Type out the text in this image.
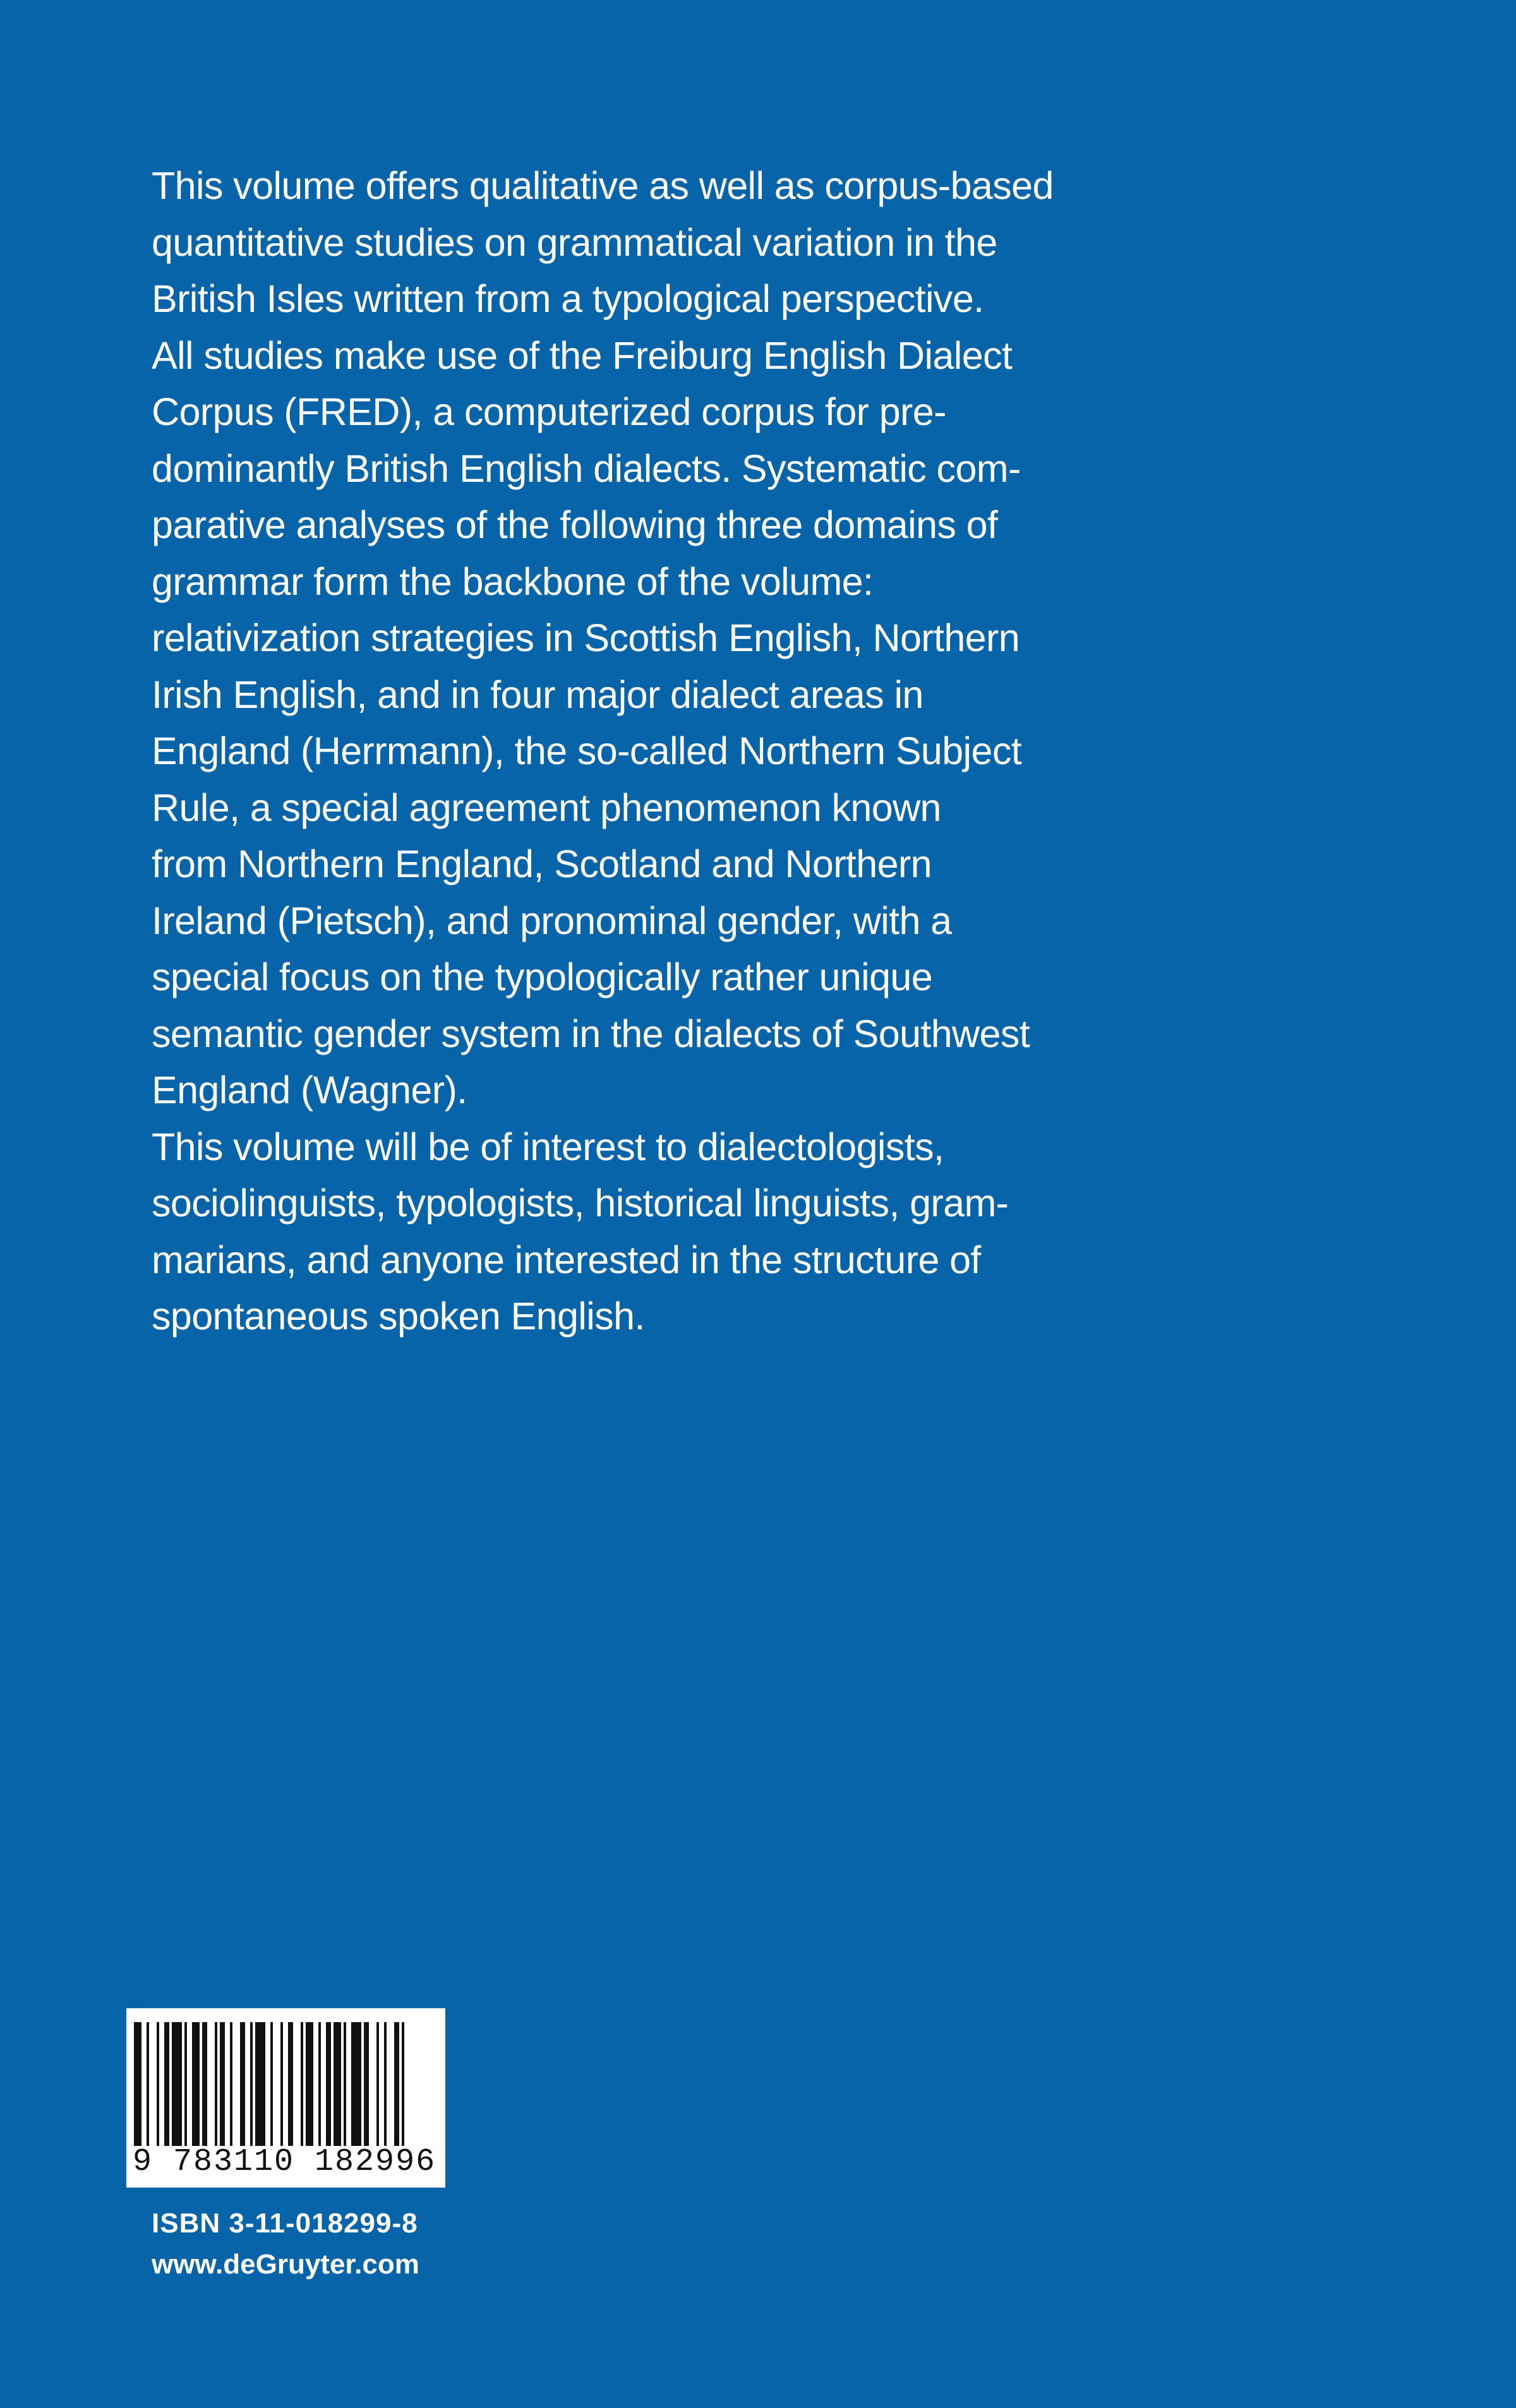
This volume offers qualitative as well as corpus-based
quantitative studies on grammatical variation in the
British Isles written from a typological perspective.
All studies make use of the Freiburg English Dialect
Corpus (FRED), a computerized corpus for pre-
dominantly British English dialects. Systematic com-
parative analyses of the following three domains of
grammar form the backbone of the volume:
relativization strategies in Scottish English, Northern
Irish English, and in four major dialect areas in
England (Herrmann), the so-called Northern Subject
Rule, a special agreement phenomenon known
from Northern England, Scotland and Northern
Ireland (Pietsch), and pronominal gender, with a
special focus on the typologically rather unique
semantic gender system in the dialects of Southwest
England (Wagner).
This volume will be of interest to dialectologists,
sociolinguists, typologists, historical linguists, gram-
marians, and anyone interested in the structure of
spontaneous spoken English.
9 783110 182996
ISBN 3-11-018299-8
www.deGruyter.com
